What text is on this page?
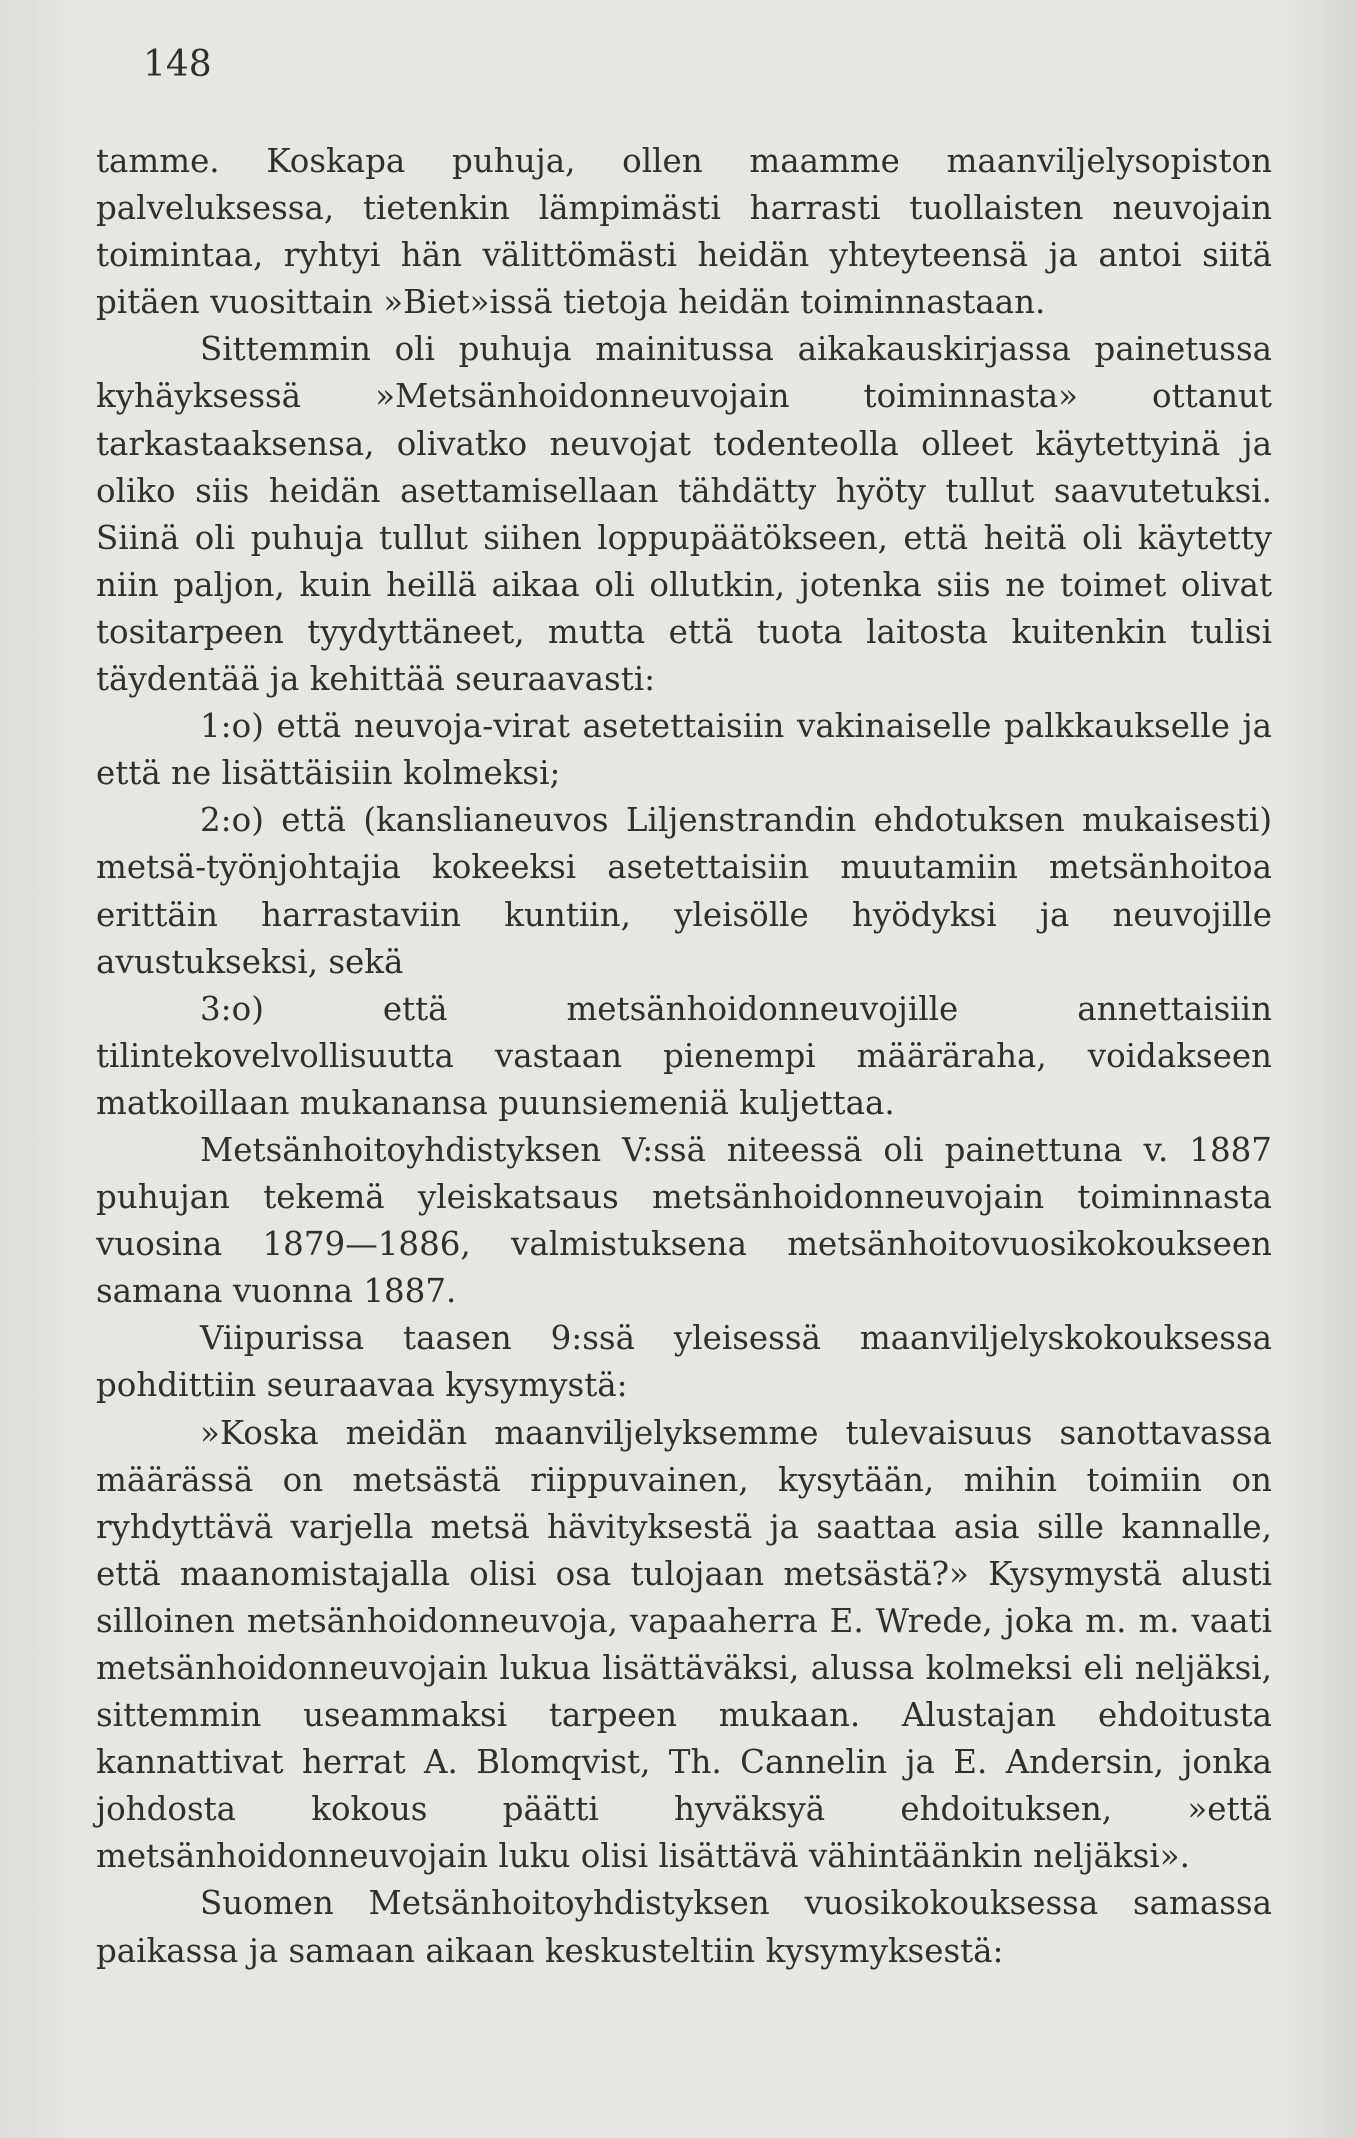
148

tamme. Koskapa puhuja, ollen maamme maanviljelysopiston palveluksessa, tietenkin lämpimästi harrasti tuollaisten neuvojain toimintaa, ryhtyi hän välittömästi heidän yhteyteensä ja antoi siitä pitäen vuosittain »Biet»issä tietoja heidän toiminnastaan.

Sittemmin oli puhuja mainitussa aikakauskirjassa painetussa kyhäyksessä »Metsänhoidonneuvojain toiminnasta» ottanut tarkastaaksensa, olivatko neuvojat todenteolla olleet käytettyinä ja oliko siis heidän asettamisellaan tähdätty hyöty tullut saavutetuksi. Siinä oli puhuja tullut siihen loppupäätökseen, että heitä oli käytetty niin paljon, kuin heillä aikaa oli ollutkin, jotenka siis ne toimet olivat tositarpeen tyydyttäneet, mutta että tuota laitosta kuitenkin tulisi täydentää ja kehittää seuraavasti:

1:o) että neuvoja-virat asetettaisiin vakinaiselle palkkaukselle ja että ne lisättäisiin kolmeksi;

2:o) että (kanslianeuvos Liljenstrandin ehdotuksen mukaisesti) metsä-työnjohtajia kokeeksi asetettaisiin muutamiin metsänhoitoa erittäin harrastaviin kuntiin, yleisölle hyödyksi ja neuvojille avustukseksi, sekä

3:o) että metsänhoidonneuvojille annettaisiin tilintekovelvollisuutta vastaan pienempi määräraha, voidakseen matkoillaan mukanansa puunsiemeniä kuljettaa.

Metsänhoitoyhdistyksen V:ssä niteessä oli painettuna v. 1887 puhujan tekemä yleiskatsaus metsänhoidonneuvojain toiminnasta vuosina 1879—1886, valmistuksena metsänhoitovuosikokoukseen samana vuonna 1887.

Viipurissa taasen 9:ssä yleisessä maanviljelyskokouksessa pohdittiin seuraavaa kysymystä:

»Koska meidän maanviljelyksemme tulevaisuus sanottavassa määrässä on metsästä riippuvainen, kysytään, mihin toimiin on ryhdyttävä varjella metsä hävityksestä ja saattaa asia sille kannalle, että maanomistajalla olisi osa tulojaan metsästä?» Kysymystä alusti silloinen metsänhoidonneuvoja, vapaaherra E. Wrede, joka m. m. vaati metsänhoidonneuvojain lukua lisättäväksi, alussa kolmeksi eli neljäksi, sittemmin useammaksi tarpeen mukaan. Alustajan ehdoitusta kannattivat herrat A. Blomqvist, Th. Cannelin ja E. Andersin, jonka johdosta kokous päätti hyväksyä ehdoituksen, »että metsänhoidonneuvojain luku olisi lisättävä vähintäänkin neljäksi».

Suomen Metsänhoitoyhdistyksen vuosikokouksessa samassa paikassa ja samaan aikaan keskusteltiin kysymyksestä:
